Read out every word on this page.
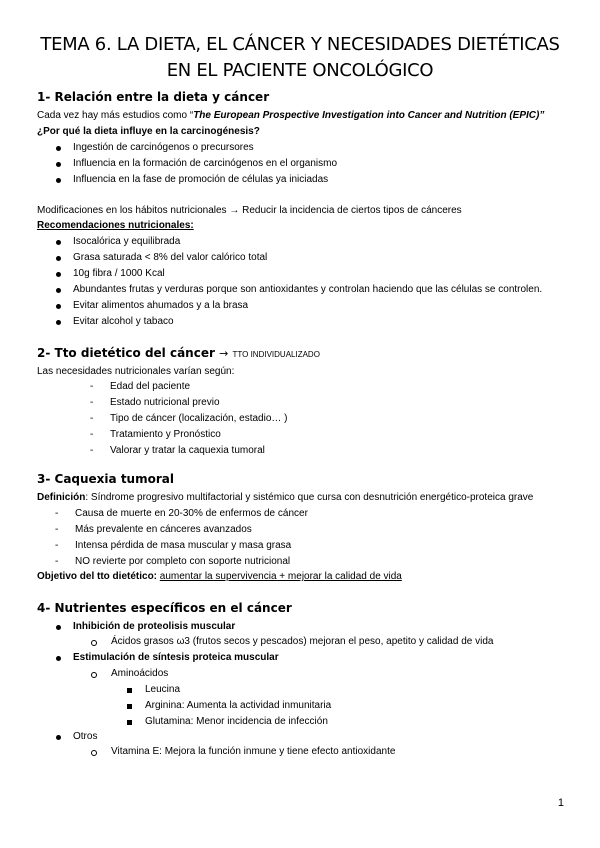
TEMA 6. LA DIETA, EL CÁNCER Y NECESIDADES DIETÉTICAS
EN EL PACIENTE ONCOLÓGICO
1- Relación entre la dieta y cáncer
Cada vez hay más estudios como “The European Prospective Investigation into Cancer and Nutrition (EPIC)”
¿Por qué la dieta influye en la carcinogénesis?
Ingestión de carcinógenos o precursores
Influencia en la formación de carcinógenos en el organismo
Influencia en la fase de promoción de células ya iniciadas
Modificaciones en los hábitos nutricionales → Reducir la incidencia de ciertos tipos de cánceres
Recomendaciones nutricionales:
Isocalórica y equilibrada
Grasa saturada < 8% del valor calórico total
10g fibra / 1000 Kcal
Abundantes frutas y verduras porque son antioxidantes y controlan haciendo que las células se controlen.
Evitar alimentos ahumados y a la brasa
Evitar alcohol y tabaco
2- Tto dietético del cáncer → TTO INDIVIDUALIZADO
Las necesidades nutricionales varían según:
- Edad del paciente
- Estado nutricional previo
- Tipo de cáncer (localización, estadio… )
- Tratamiento y Pronóstico
- Valorar y tratar la caquexia tumoral
3- Caquexia tumoral
Definición: Síndrome progresivo multifactorial y sistémico que cursa con desnutrición energético-proteica grave
- Causa de muerte en 20-30% de enfermos de cáncer
- Más prevalente en cánceres avanzados
- Intensa pérdida de masa muscular y masa grasa
- NO revierte por completo con soporte nutricional
Objetivo del tto dietético: aumentar la supervivencia + mejorar la calidad de vida
4- Nutrientes específicos en el cáncer
Inhibición de proteolisis muscular
Ácidos grasos ω3 (frutos secos y pescados) mejoran el peso, apetito y calidad de vida
Estimulación de síntesis proteica muscular
Aminoácidos
Leucina
Arginina: Aumenta la actividad inmunitaria
Glutamina: Menor incidencia de infección
Otros
Vitamina E: Mejora la función inmune y tiene efecto antioxidante
1
